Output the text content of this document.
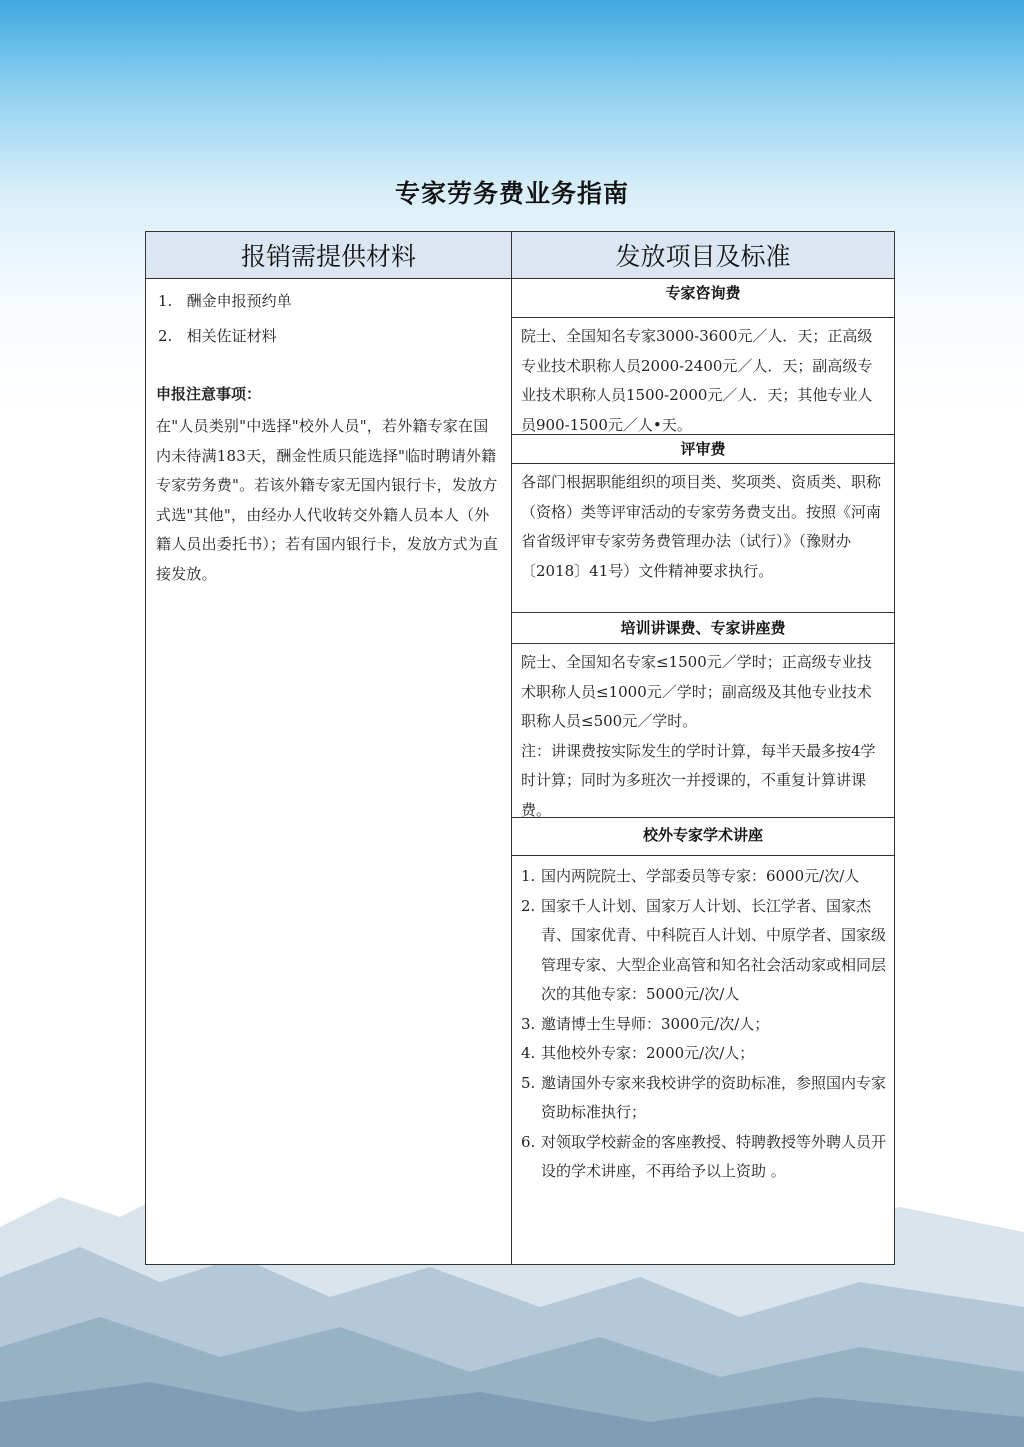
专家劳务费业务指南
报销需提供材料
1. 酬金申报预约单
2. 相关佐证材料
申报注意事项：
在"人员类别"中选择"校外人员"，若外籍专家在国内未待满183天，酬金性质只能选择"临时聘请外籍专家劳务费"。若该外籍专家无国内银行卡，发放方式选"其他"，由经办人代收转交外籍人员本人（外籍人员出委托书）；若有国内银行卡，发放方式为直接发放。
发放项目及标准
专家咨询费
院士、全国知名专家3000-3600元／人．天；正高级专业技术职称人员2000-2400元／人．天；副高级专业技术职称人员1500-2000元／人．天；其他专业人员900-1500元／人•天。
评审费
各部门根据职能组织的项目类、奖项类、资质类、职称（资格）类等评审活动的专家劳务费支出。按照《河南省省级评审专家劳务费管理办法（试行）》（豫财办〔2018〕41号）文件精神要求执行。
培训讲课费、专家讲座费
院士、全国知名专家≤1500元／学时；正高级专业技术职称人员≤1000元／学时；副高级及其他专业技术职称人员≤500元／学时。
注：讲课费按实际发生的学时计算，每半天最多按4学时计算；同时为多班次一并授课的，不重复计算讲课费。
校外专家学术讲座
1. 国内两院院士、学部委员等专家：6000元/次/人
2. 国家千人计划、国家万人计划、长江学者、国家杰青、国家优青、中科院百人计划、中原学者、国家级管理专家、大型企业高管和知名社会活动家或相同层次的其他专家：5000元/次/人
3. 邀请博士生导师：3000元/次/人；
4. 其他校外专家：2000元/次/人；
5. 邀请国外专家来我校讲学的资助标准，参照国内专家资助标准执行；
6. 对领取学校薪金的客座教授、特聘教授等外聘人员开设的学术讲座，不再给予以上资助 。
